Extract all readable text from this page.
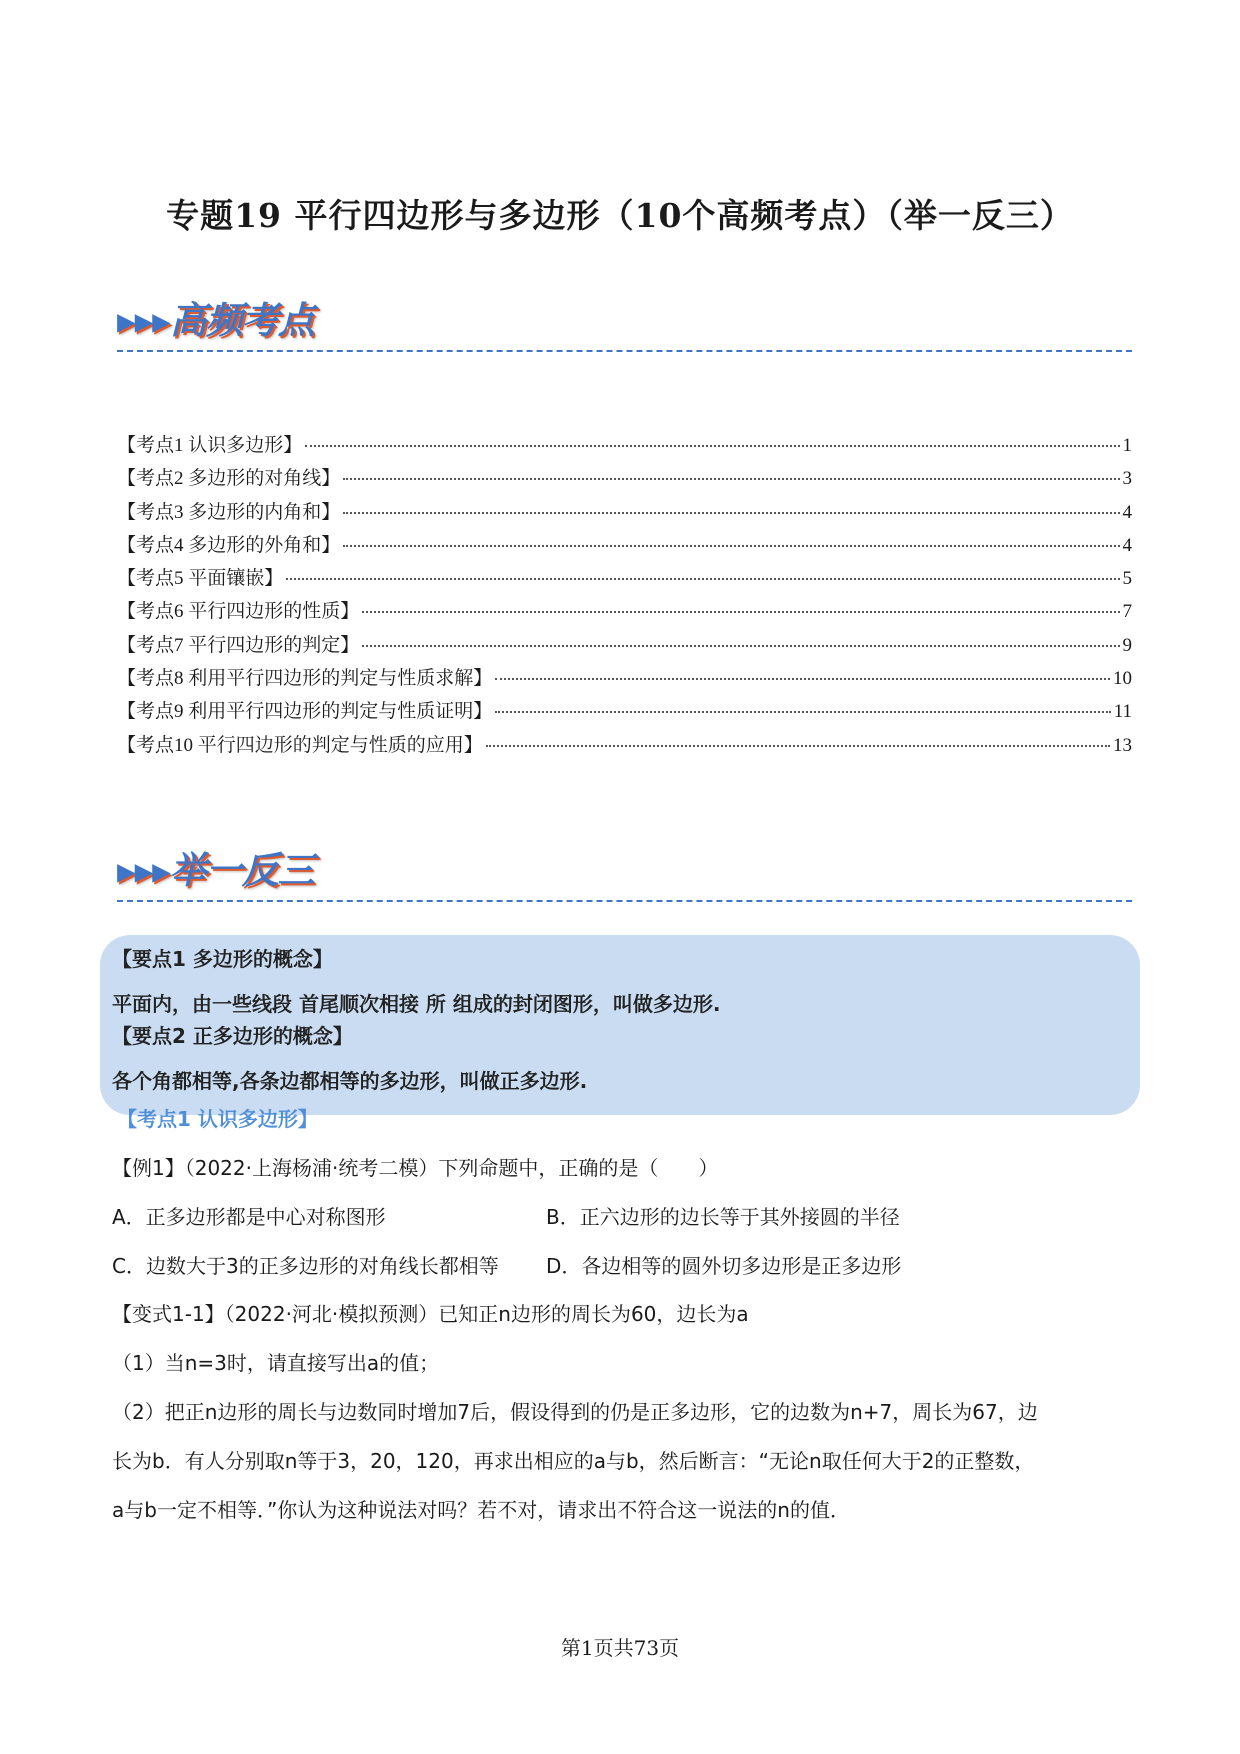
专题19 平行四边形与多边形（10个高频考点）（举一反三）
▸▸▸高频考点
【考点1 认识多边形】	1
【考点2 多边形的对角线】	3
【考点3 多边形的内角和】	4
【考点4 多边形的外角和】	4
【考点5 平面镶嵌】	5
【考点6 平行四边形的性质】	7
【考点7 平行四边形的判定】	9
【考点8 利用平行四边形的判定与性质求解】	10
【考点9 利用平行四边形的判定与性质证明】	11
【考点10 平行四边形的判定与性质的应用】	13
▸▸▸举一反三
【要点1 多边形的概念】
平面内，由一些线段 首尾顺次相接 所 组成的封闭图形，叫做多边形.
【要点2 正多边形的概念】
各个角都相等,各条边都相等的多边形，叫做正多边形.
【考点1 认识多边形】
【例1】（2022·上海杨浦·统考二模）下列命题中，正确的是（　　）
A．正多边形都是中心对称图形	B．正六边形的边长等于其外接圆的半径
C．边数大于3的正多边形的对角线长都相等 D．各边相等的圆外切多边形是正多边形
【变式1-1】（2022·河北·模拟预测）已知正n边形的周长为60，边长为a
（1）当n=3时，请直接写出a的值；
（2）把正n边形的周长与边数同时增加7后，假设得到的仍是正多边形，它的边数为n+7，周长为67，边
长为b．有人分别取n等于3，20，120，再求出相应的a与b，然后断言：“无论n取任何大于2的正整数，
a与b一定不相等．”你认为这种说法对吗？若不对，请求出不符合这一说法的n的值．
第1页共73页
